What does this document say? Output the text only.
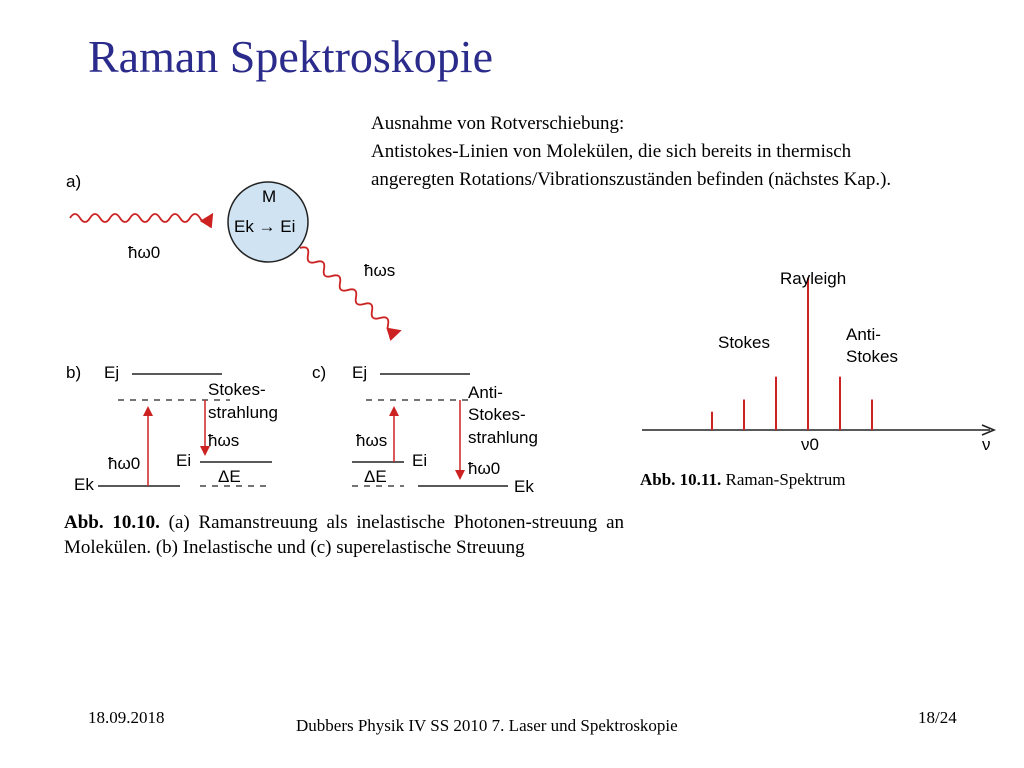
Raman Spektroskopie
Ausnahme von Rotverschiebung:
Antistokes-Linien von Molekülen, die sich bereits in thermisch
angeregten Rotations/Vibrationszuständen befinden (nächstes Kap.).
a)
M
Ek → Ei
ħω0
ħωs
b) Ej
Stokes-
strahlung
ħωs
ħω0 Ei
ΔE
Ek
c) Ej
Anti-
Stokes-
strahlung
ħωs
ħω0
Ei
ΔE
Ek
Abb. 10.10. (a) Ramanstreuung als inelastische Photonen-streuung an Molekülen. (b) Inelastische und (c) superelastische Streuung
Rayleigh
Stokes	Anti-
Stokes
ν0	ν
Abb. 10.11. Raman-Spektrum
18.09.2018	Dubbers Physik IV SS 2010 7. Laser und Spektroskopie	18/24
